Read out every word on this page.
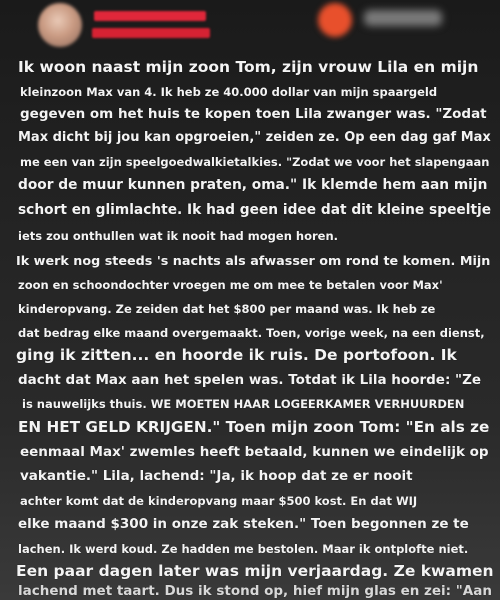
Ik woon naast mijn zoon Tom, zijn vrouw Lila en mijn
kleinzoon Max van 4. Ik heb ze 40.000 dollar van mijn spaargeld
gegeven om het huis te kopen toen Lila zwanger was. "Zodat
Max dicht bij jou kan opgroeien," zeiden ze. Op een dag gaf Max
me een van zijn speelgoedwalkietalkies. "Zodat we voor het slapengaan
door de muur kunnen praten, oma." Ik klemde hem aan mijn
schort en glimlachte. Ik had geen idee dat dit kleine speeltje
iets zou onthullen wat ik nooit had mogen horen.
Ik werk nog steeds 's nachts als afwasser om rond te komen. Mijn
zoon en schoondochter vroegen me om mee te betalen voor Max'
kinderopvang. Ze zeiden dat het $800 per maand was. Ik heb ze
dat bedrag elke maand overgemaakt. Toen, vorige week, na een dienst,
ging ik zitten... en hoorde ik ruis. De portofoon. Ik
dacht dat Max aan het spelen was. Totdat ik Lila hoorde: "Ze
is nauwelijks thuis. WE MOETEN HAAR LOGEERKAMER VERHUURDEN
EN HET GELD KRIJGEN." Toen mijn zoon Tom: "En als ze
eenmaal Max' zwemles heeft betaald, kunnen we eindelijk op
vakantie." Lila, lachend: "Ja, ik hoop dat ze er nooit
achter komt dat de kinderopvang maar $500 kost. En dat WIJ
elke maand $300 in onze zak steken." Toen begonnen ze te
lachen. Ik werd koud. Ze hadden me bestolen. Maar ik ontplofte niet.
Een paar dagen later was mijn verjaardag. Ze kwamen
lachend met taart. Dus ik stond op, hief mijn glas en zei: "Aan
